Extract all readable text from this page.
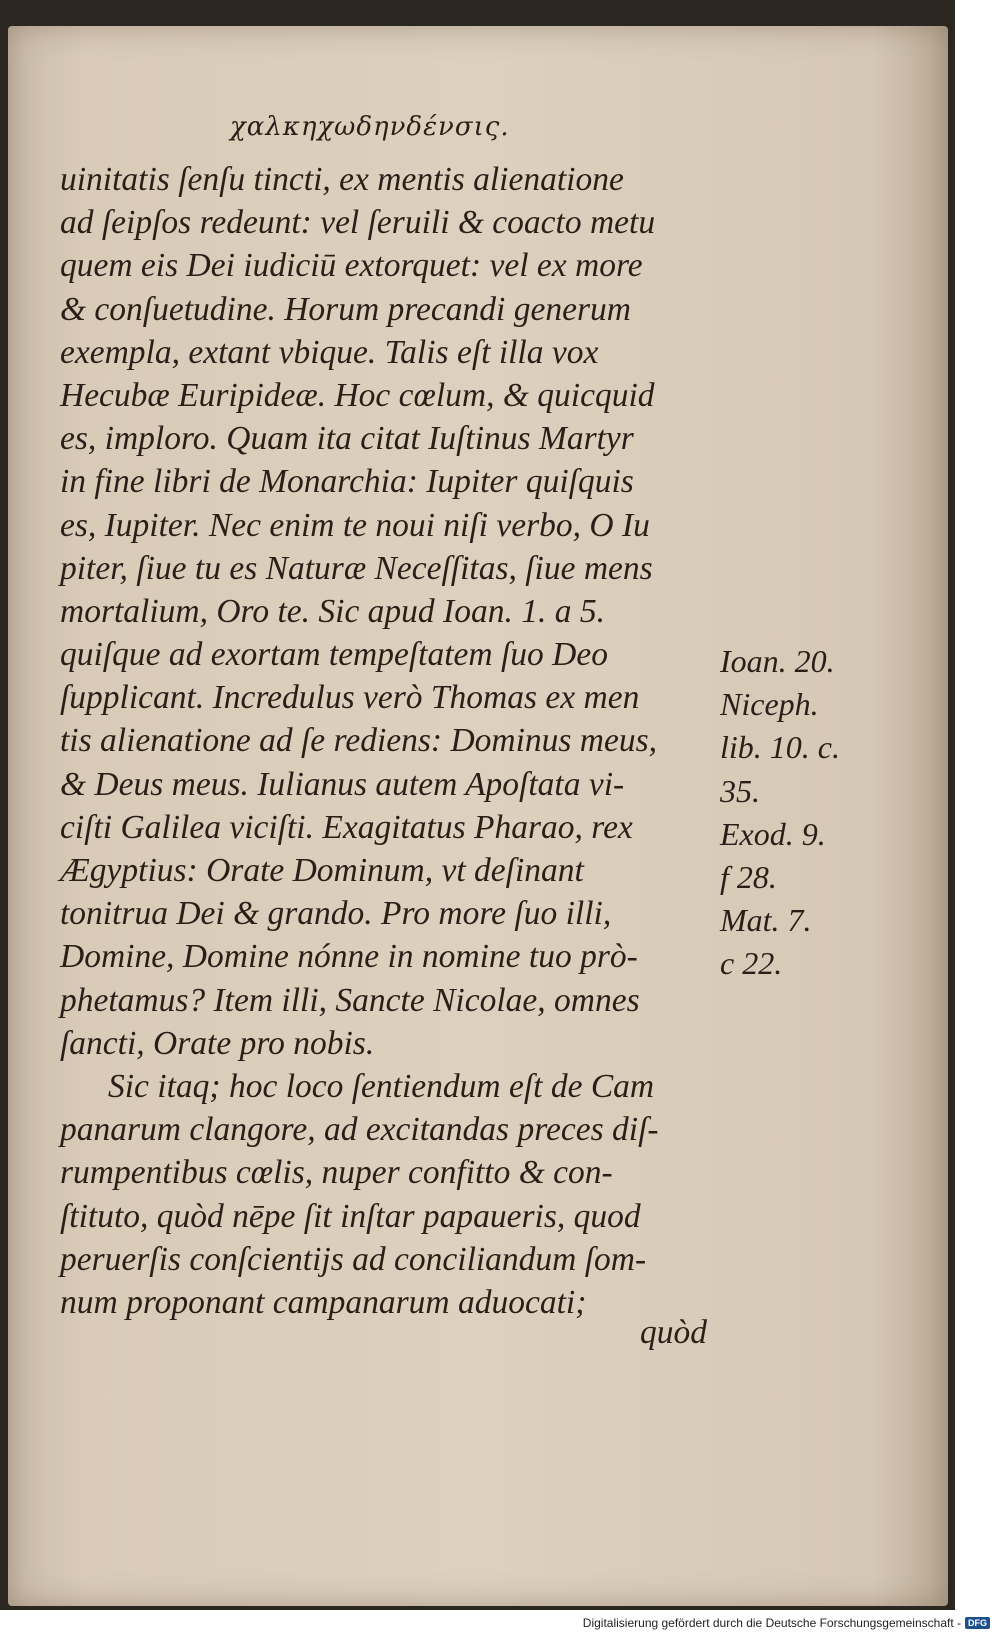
χαλκηχωδηνδένσις.
uinitatis ſenſu tincti, ex mentis alienatione
ad ſeipſos redeunt: vel ſeruili & coacto metu
quem eis Dei iudiciū extorquet: vel ex more
& conſuetudine. Horum precandi generum
exempla, extant vbique. Talis eſt illa vox
Hecubæ Euripideæ. Hoc cœlum, & quicquid
es, imploro. Quam ita citat Iuſtinus Martyr
in fine libri de Monarchia: Iupiter quiſquis
es, Iupiter. Nec enim te noui niſi verbo, O Iu
piter, ſiue tu es Naturæ Neceſſitas, ſiue mens
mortalium, Oro te. Sic apud Ioan. 1. a 5.
quiſque ad exortam tempeſtatem ſuo Deo
ſupplicant. Incredulus verò Thomas ex men
tis alienatione ad ſe rediens: Dominus meus,
& Deus meus. Iulianus autem Apoſtata vi-
ciſti Galilea viciſti. Exagitatus Pharao, rex
Ægyptius: Orate Dominum, vt deſinant
tonitrua Dei & grando. Pro more ſuo illi,
Domine, Domine nónne in nomine tuo prò-
phetamus? Item illi, Sancte Nicolae, omnes
ſancti, Orate pro nobis.
Sic itaq; hoc loco ſentiendum eſt de Cam
panarum clangore, ad excitandas preces diſ-
rumpentibus cœlis, nuper confitto & con-
ſtituto, quòd nēpe ſit inſtar papaueris, quod
peruerſis conſcientijs ad conciliandum ſom-
num proponant campanarum aduocati;
Ioan. 20.
Niceph.
lib. 10. c.
35.
Exod. 9.
f 28.
Mat. 7.
c 22.
quòd
Digitalisierung gefördert durch die Deutsche Forschungsgemeinschaft - DFG
